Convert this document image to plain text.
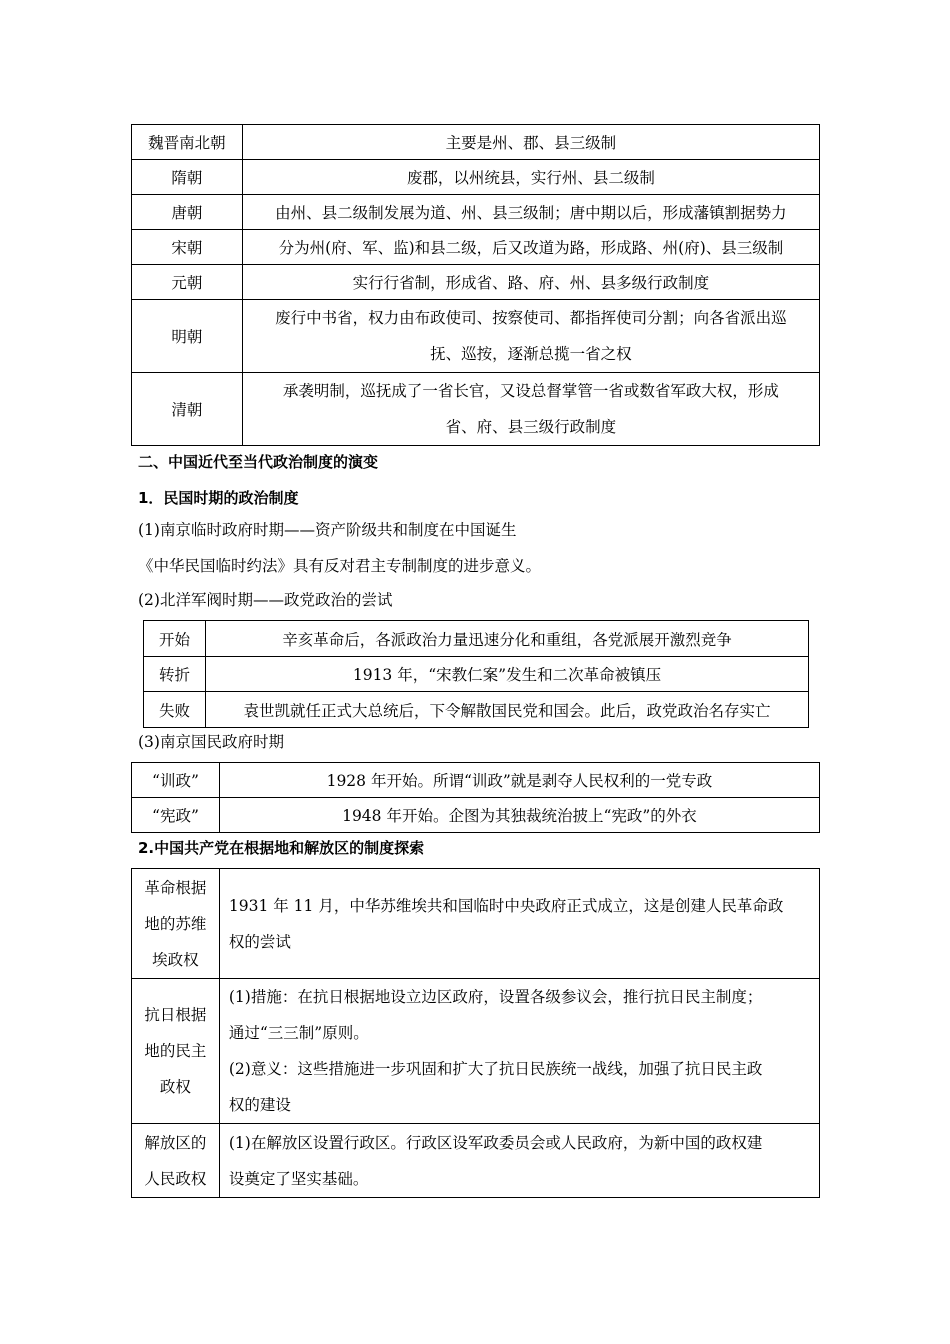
魏晋南北朝	主要是州、郡、县三级制
隋朝	废郡，以州统县，实行州、县二级制
唐朝	由州、县二级制发展为道、州、县三级制；唐中期以后，形成藩镇割据势力
宋朝	分为州(府、军、监)和县二级，后又改道为路，形成路、州(府)、县三级制
元朝	实行行省制，形成省、路、府、州、县多级行政制度
明朝	废行中书省，权力由布政使司、按察使司、都指挥使司分割；向各省派出巡
抚、巡按，逐渐总揽一省之权

清朝	承袭明制，巡抚成了一省长官，又设总督掌管一省或数省军政大权，形成
省、府、县三级行政制度
二、中国近代至当代政治制度的演变
1．民国时期的政治制度
(1)南京临时政府时期——资产阶级共和制度在中国诞生
《中华民国临时约法》具有反对君主专制制度的进步意义。
(2)北洋军阀时期——政党政治的尝试
开始	辛亥革命后，各派政治力量迅速分化和重组，各党派展开激烈竞争
转折	1913 年，“宋教仁案”发生和二次革命被镇压
失败	袁世凯就任正式大总统后，下令解散国民党和国会。此后，政党政治名存实亡
(3)南京国民政府时期
“训政”	1928 年开始。所谓“训政”就是剥夺人民权利的一党专政
“宪政”	1948 年开始。企图为其独裁统治披上“宪政”的外衣
2.中国共产党在根据地和解放区的制度探索
革命根据
地的苏维
埃政权	1931 年 11 月，中华苏维埃共和国临时中央政府正式成立，这是创建人民革命政
权的尝试

抗日根据
地的民主
政权	(1)措施：在抗日根据地设立边区政府，设置各级参议会，推行抗日民主制度；
通过“三三制”原则。
(2)意义：这些措施进一步巩固和扩大了抗日民族统一战线，加强了抗日民主政
权的建设

解放区的
人民政权	(1)在解放区设置行政区。行政区设军政委员会或人民政府，为新中国的政权建
设奠定了坚实基础。
